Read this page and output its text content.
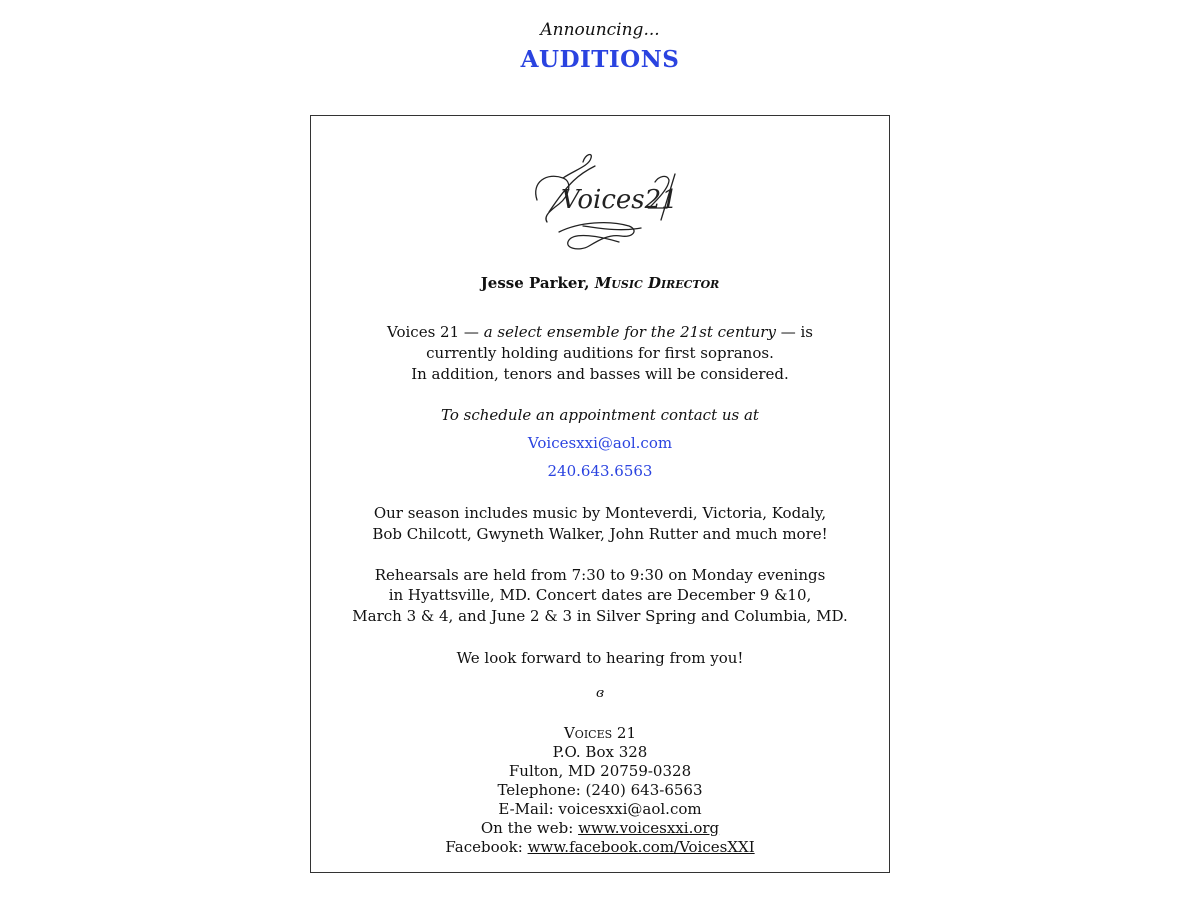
Announcing...
AUDITIONS
Voices21
Jesse Parker, Music Director
Voices 21 — a select ensemble for the 21st century — is
currently holding auditions for first sopranos.
In addition, tenors and basses will be considered.
To schedule an appointment contact us at
Voicesxxi@aol.com
240.643.6563
Our season includes music by Monteverdi, Victoria, Kodaly,
Bob Chilcott, Gwyneth Walker, John Rutter and much more!
Rehearsals are held from 7:30 to 9:30 on Monday evenings
in Hyattsville, MD. Concert dates are December 9 &10,
March 3 & 4, and June 2 & 3 in Silver Spring and Columbia, MD.
We look forward to hearing from you!
ɞ
Voices 21
P.O. Box 328
Fulton, MD 20759-0328
Telephone: (240) 643-6563
E-Mail: voicesxxi@aol.com
On the web: www.voicesxxi.org
Facebook: www.facebook.com/VoicesXXI
